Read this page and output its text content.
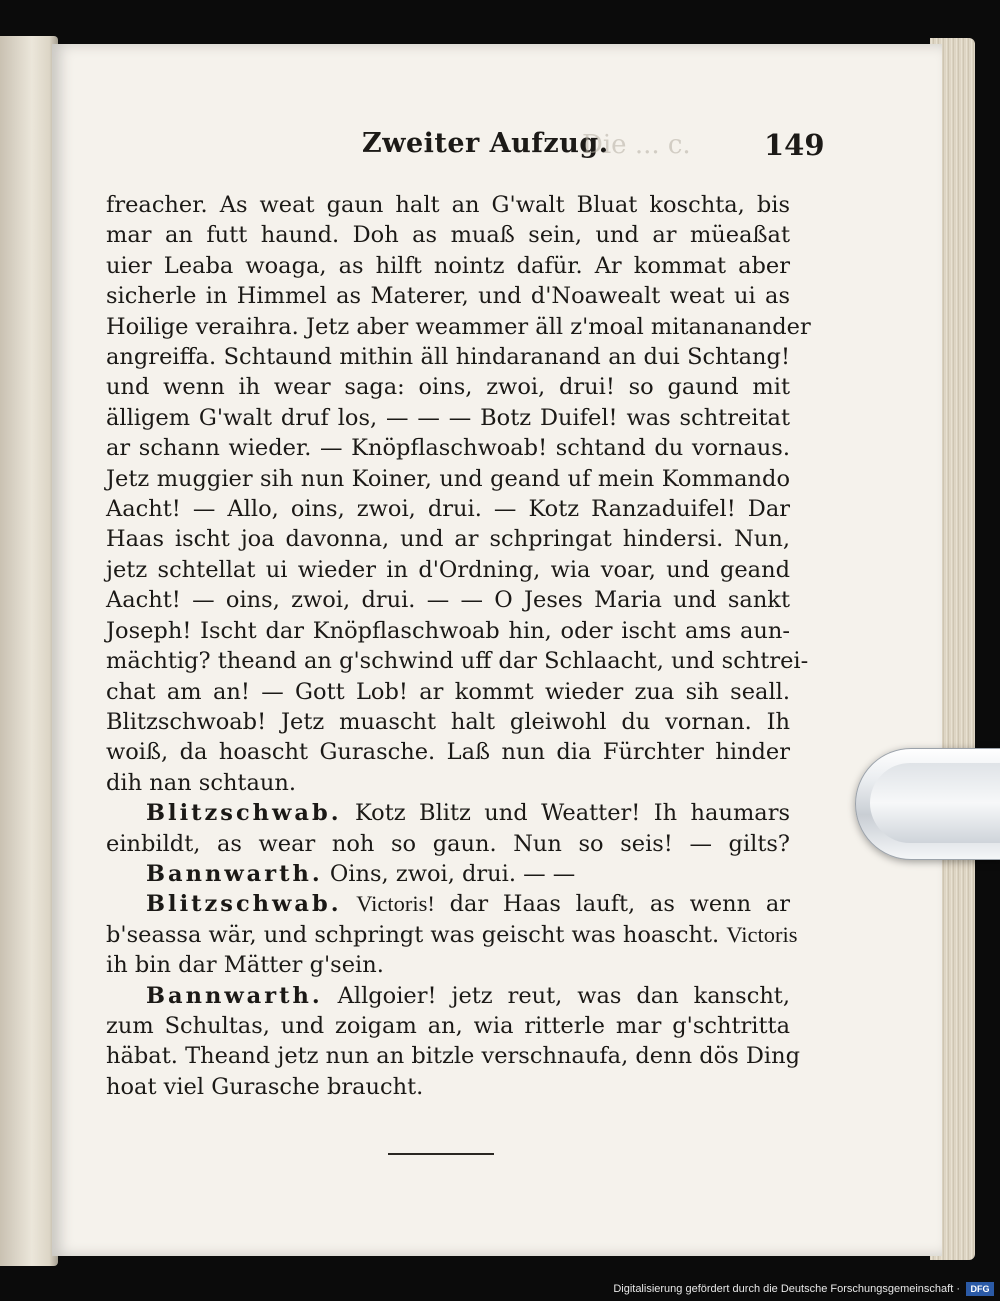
Zweiter Aufzug.
Die ... c.	149
freacher. As weat gaun halt an G'walt Bluat koschta, bis
mar an futt haund. Doh as muaß sein, und ar müeaßat
uier Leaba woaga, as hilft nointz dafür. Ar kommat aber
sicherle in Himmel as Materer, und d'Noawealt weat ui as
Hoilige veraihra. Jetz aber weammer äll z'moal mitananander
angreiffa. Schtaund mithin äll hindaranand an dui Schtang!
und wenn ih wear saga: oins, zwoi, drui! so gaund mit
älligem G'walt druf los, — — — Botz Duifel! was schtreitat
ar schann wieder. — Knöpflaschwoab! schtand du vornaus.
Jetz muggier sih nun Koiner, und geand uf mein Kommando
Aacht! — Allo, oins, zwoi, drui. — Kotz Ranzaduifel! Dar
Haas ischt joa davonna, und ar schpringat hindersi. Nun,
jetz schtellat ui wieder in d'Ordning, wia voar, und geand
Aacht! — oins, zwoi, drui. — — O Jeses Maria und sankt
Joseph! Ischt dar Knöpflaschwoab hin, oder ischt ams aun-
mächtig? theand an g'schwind uff dar Schlaacht, und schtrei-
chat am an! — Gott Lob! ar kommt wieder zua sih seall.
Blitzschwoab! Jetz muascht halt gleiwohl du vornan. Ih
woiß, da hoascht Gurasche. Laß nun dia Fürchter hinder
dih nan schtaun.
Blitzschwab. Kotz Blitz und Weatter! Ih haumars
einbildt, as wear noh so gaun. Nun so seis! — gilts?
Bannwarth. Oins, zwoi, drui. — —
Blitzschwab. Victoris! dar Haas lauft, as wenn ar
b'seassa wär, und schpringt was geischt was hoascht. Victoris
ih bin dar Mätter g'sein.
Bannwarth. Allgoier! jetz reut, was dan kanscht,
zum Schultas, und zoigam an, wia ritterle mar g'schtritta
häbat. Theand jetz nun an bitzle verschnaufa, denn dös Ding
hoat viel Gurasche braucht.
Digitalisierung gefördert durch die Deutsche Forschungsgemeinschaft ·	DFG
